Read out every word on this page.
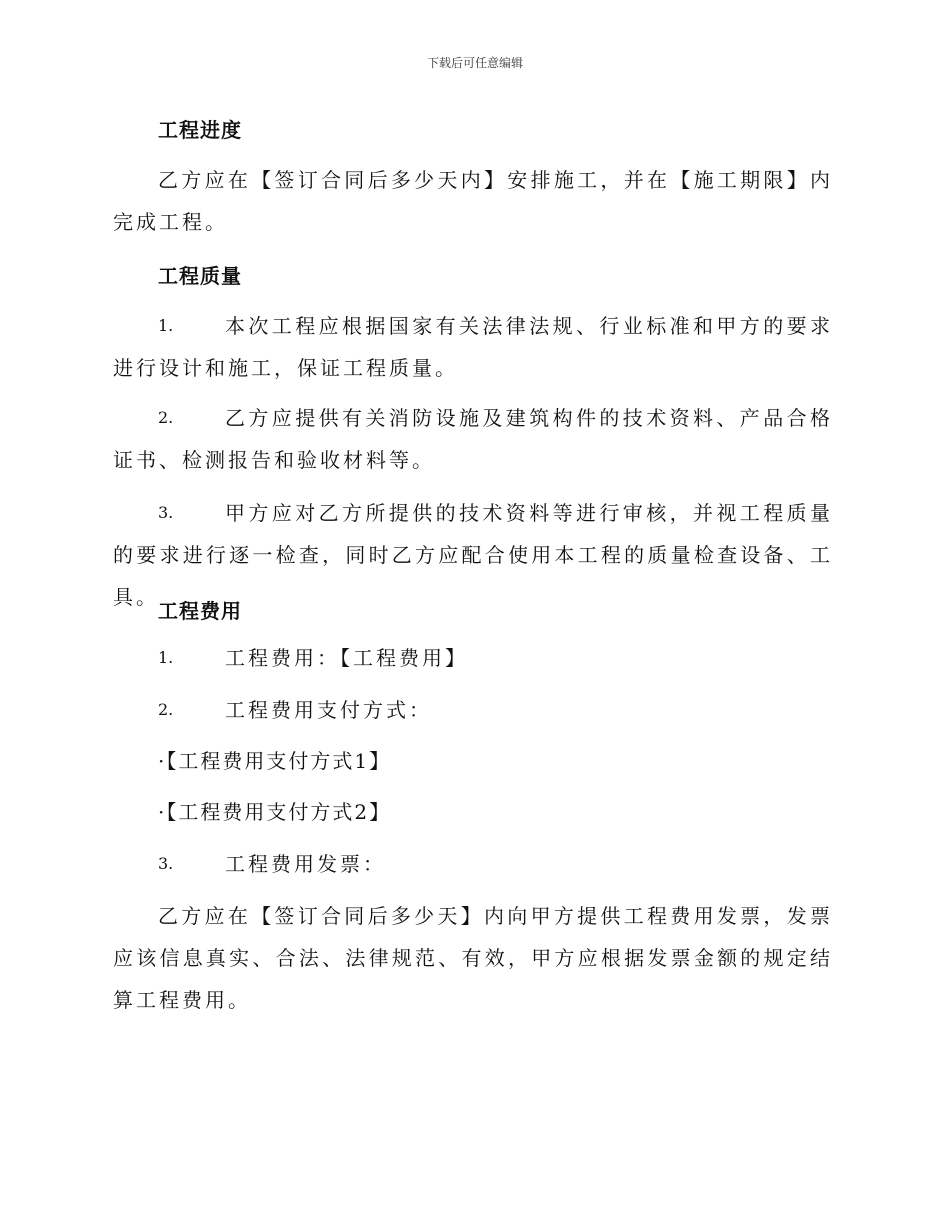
下载后可任意编辑
工程进度
乙方应在【签订合同后多少天内】安排施工，并在【施工期限】内完成工程。
工程质量
1.	本次工程应根据国家有关法律法规、行业标准和甲方的要求进行设计和施工，保证工程质量。
2.	乙方应提供有关消防设施及建筑构件的技术资料、产品合格证书、检测报告和验收材料等。
3.	甲方应对乙方所提供的技术资料等进行审核，并视工程质量的要求进行逐一检查，同时乙方应配合使用本工程的质量检查设备、工具。
工程费用
1.	工程费用：【工程费用】
2.	工程费用支付方式：
·【工程费用支付方式1】
·【工程费用支付方式2】
3.	工程费用发票：
乙方应在【签订合同后多少天】内向甲方提供工程费用发票，发票应该信息真实、合法、法律规范、有效，甲方应根据发票金额的规定结算工程费用。
